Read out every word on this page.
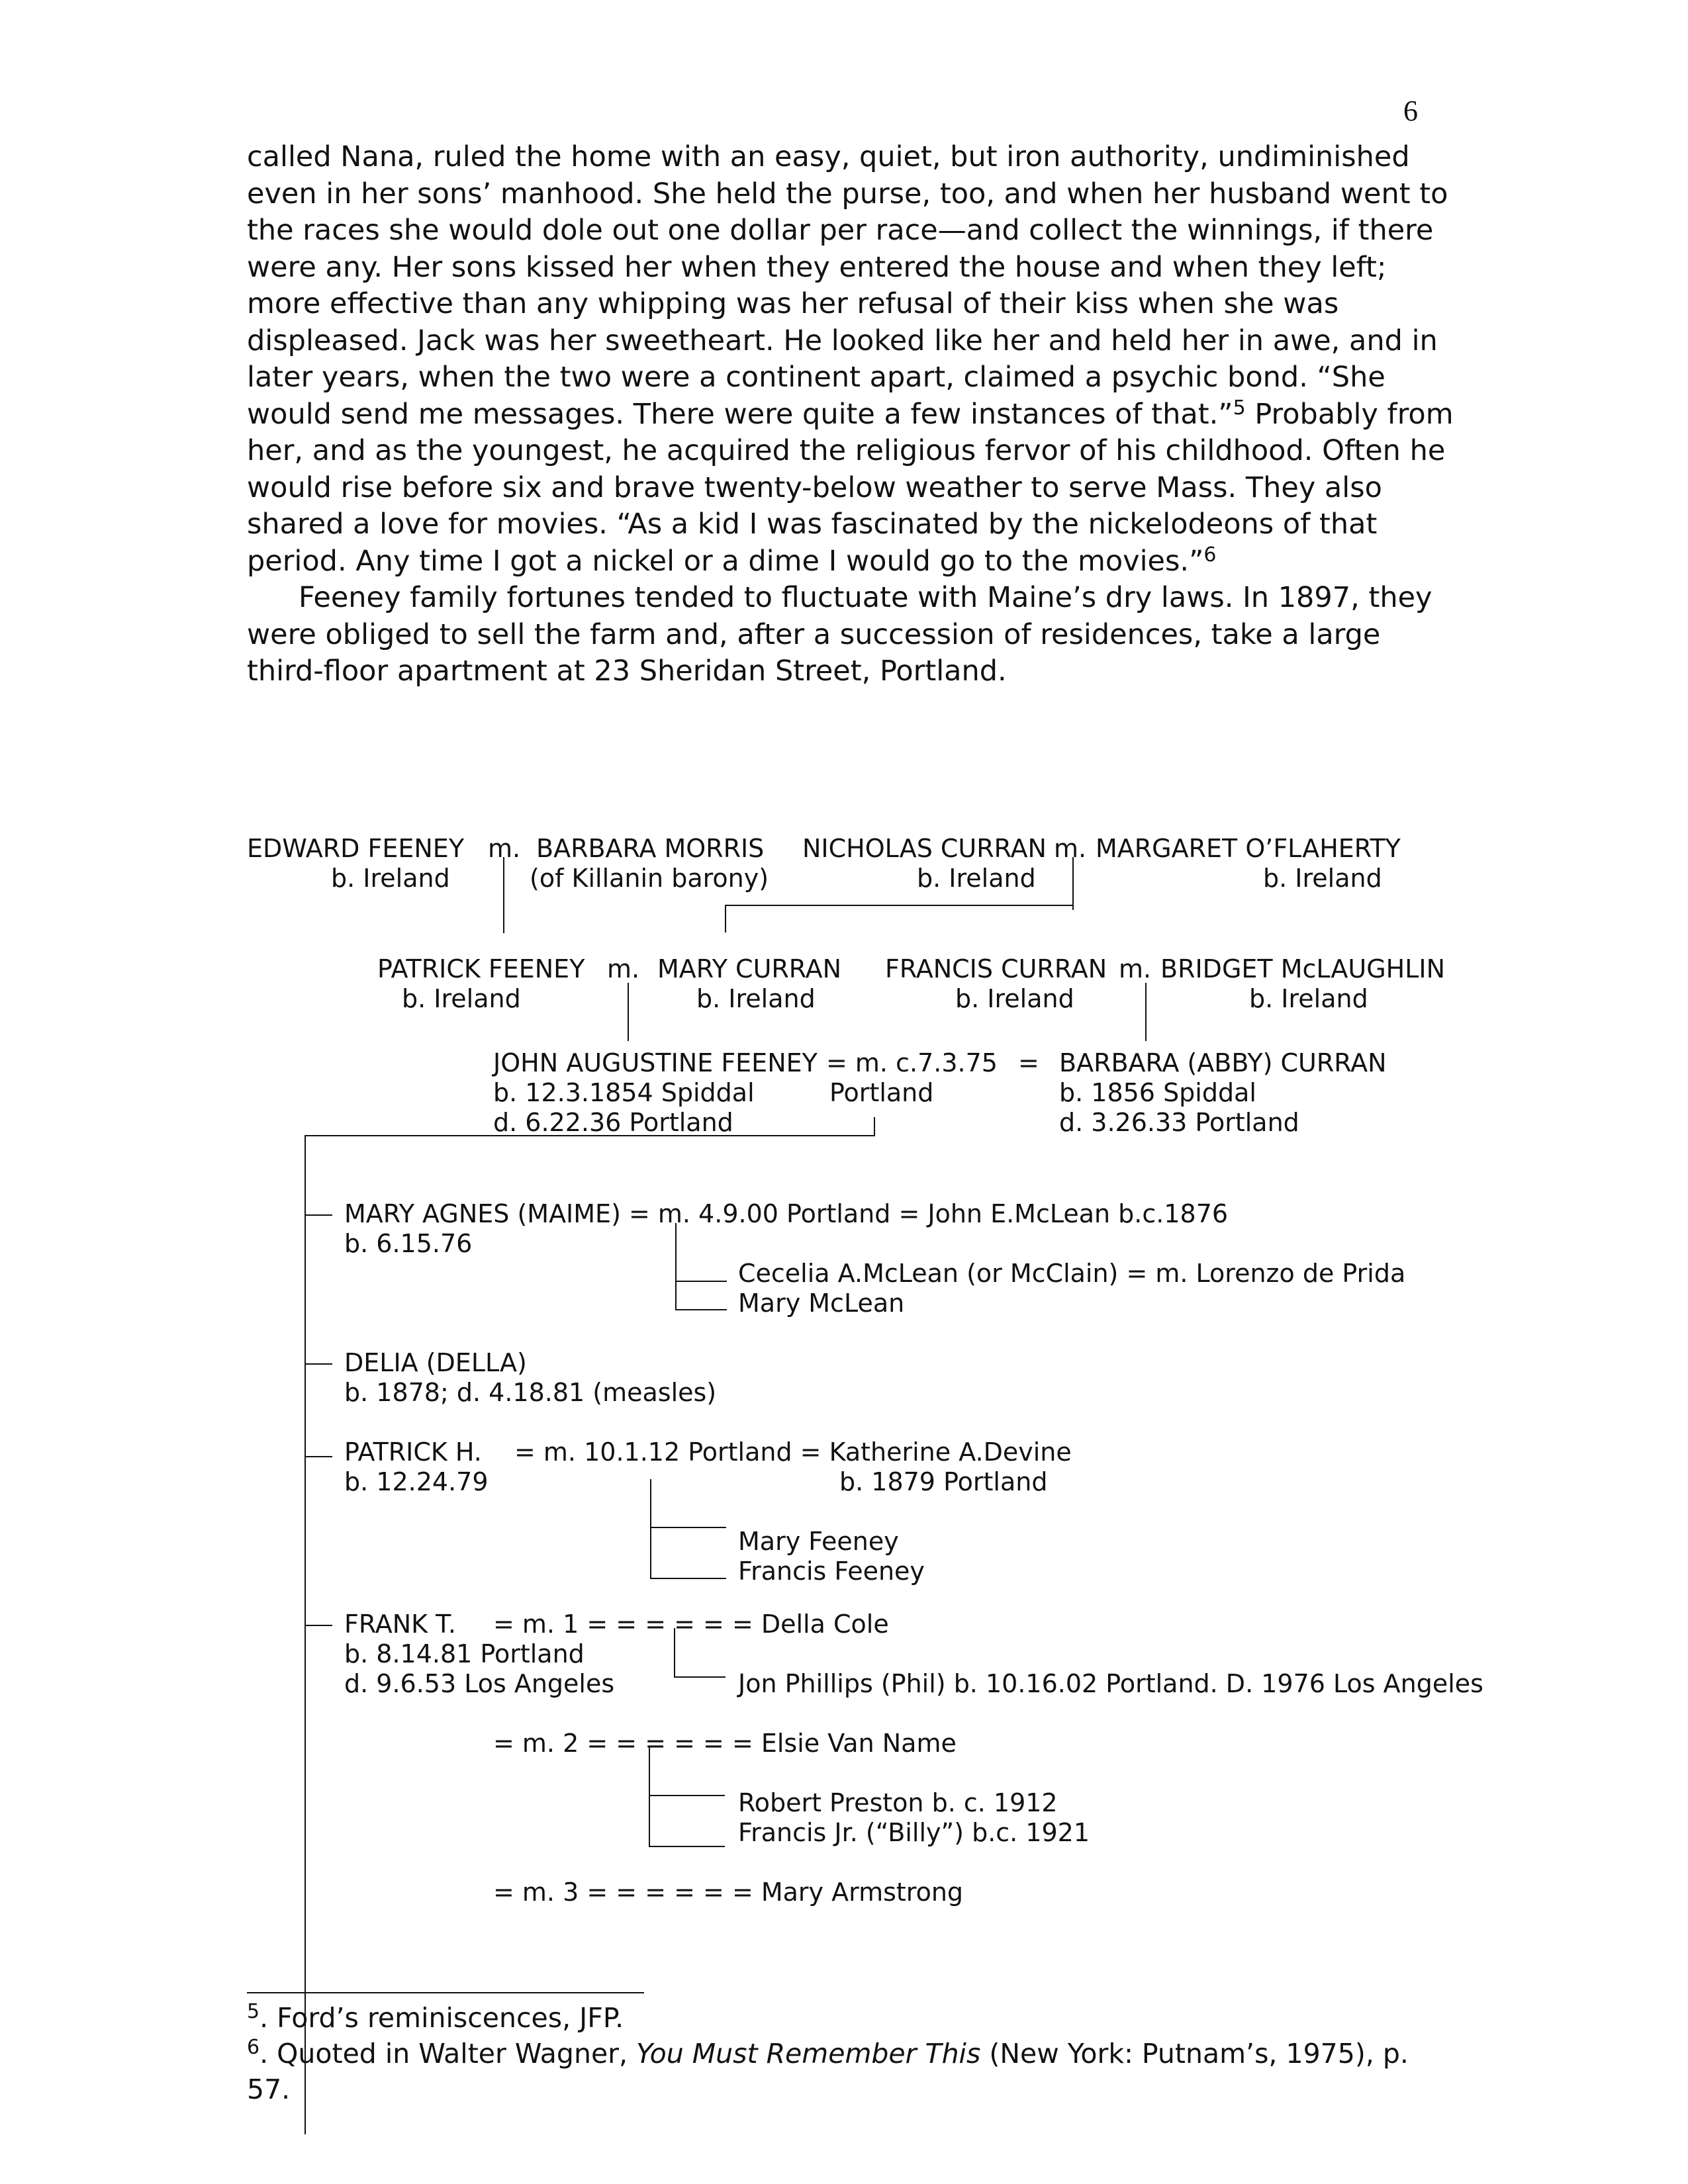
6

called Nana, ruled the home with an easy, quiet, but iron authority, undiminished even in her sons’ manhood. She held the purse, too, and when her husband went to the races she would dole out one dollar per race—and collect the winnings, if there were any. Her sons kissed her when they entered the house and when they left; more effective than any whipping was her refusal of their kiss when she was displeased. Jack was her sweetheart. He looked like her and held her in awe, and in later years, when the two were a continent apart, claimed a psychic bond. “She would send me messages. There were quite a few instances of that.”$^5$ Probably from her, and as the youngest, he acquired the religious fervor of his childhood. Often he would rise before six and brave twenty-below weather to serve Mass. They also shared a love for movies. “As a kid I was fascinated by the nickelodeons of that period. Any time I got a nickel or a dime I would go to the movies.”$^6$

Feeney family fortunes tended to fluctuate with Maine’s dry laws. In 1897, they were obliged to sell the farm and, after a succession of residences, take a large third-floor apartment at 23 Sheridan Street, Portland.

EDWARD FEENEY m. BARBARA MORRIS NICHOLAS CURRAN m. MARGARET O’FLAHERTY
b. Ireland	(of Killanin barony)	b. Ireland	b. Ireland
PATRICK FEENEY m. MARY CURRAN FRANCIS CURRAN m. BRIDGET McLAUGHLIN
b. Ireland	b. Ireland	b. Ireland	b. Ireland
JOHN AUGUSTINE FEENEY = m. c.7.3.75 = BARBARA (ABBY) CURRAN
b. 12.3.1854 Spiddal	Portland	b. 1856 Spiddal
d. 6.22.36 Portland	d. 3.26.33 Portland
MARY AGNES (MAIME) = m. 4.9.00 Portland = John E.McLean b.c.1876
b. 6.15.76
Cecelia A.McLean (or McClain) = m. Lorenzo de Prida
Mary McLean
DELIA (DELLA)
b. 1878; d. 4.18.81 (measles)
PATRICK H. = m. 10.1.12 Portland = Katherine A.Devine
b. 12.24.79	b. 1879 Portland
Mary Feeney
Francis Feeney
FRANK T. = m. 1 = = = = = = Della Cole
b. 8.14.81 Portland
d. 9.6.53 Los Angeles	Jon Phillips (Phil) b. 10.16.02 Portland. D. 1976 Los Angeles
= m. 2 = = = = = = Elsie Van Name
Robert Preston b. c. 1912
Francis Jr. (“Billy”) b.c. 1921
= m. 3 = = = = = = Mary Armstrong
$^5$. Ford’s reminiscences, JFP.
$^6$. Quoted in Walter Wagner, You Must Remember This (New York: Putnam’s, 1975), p. 57.
